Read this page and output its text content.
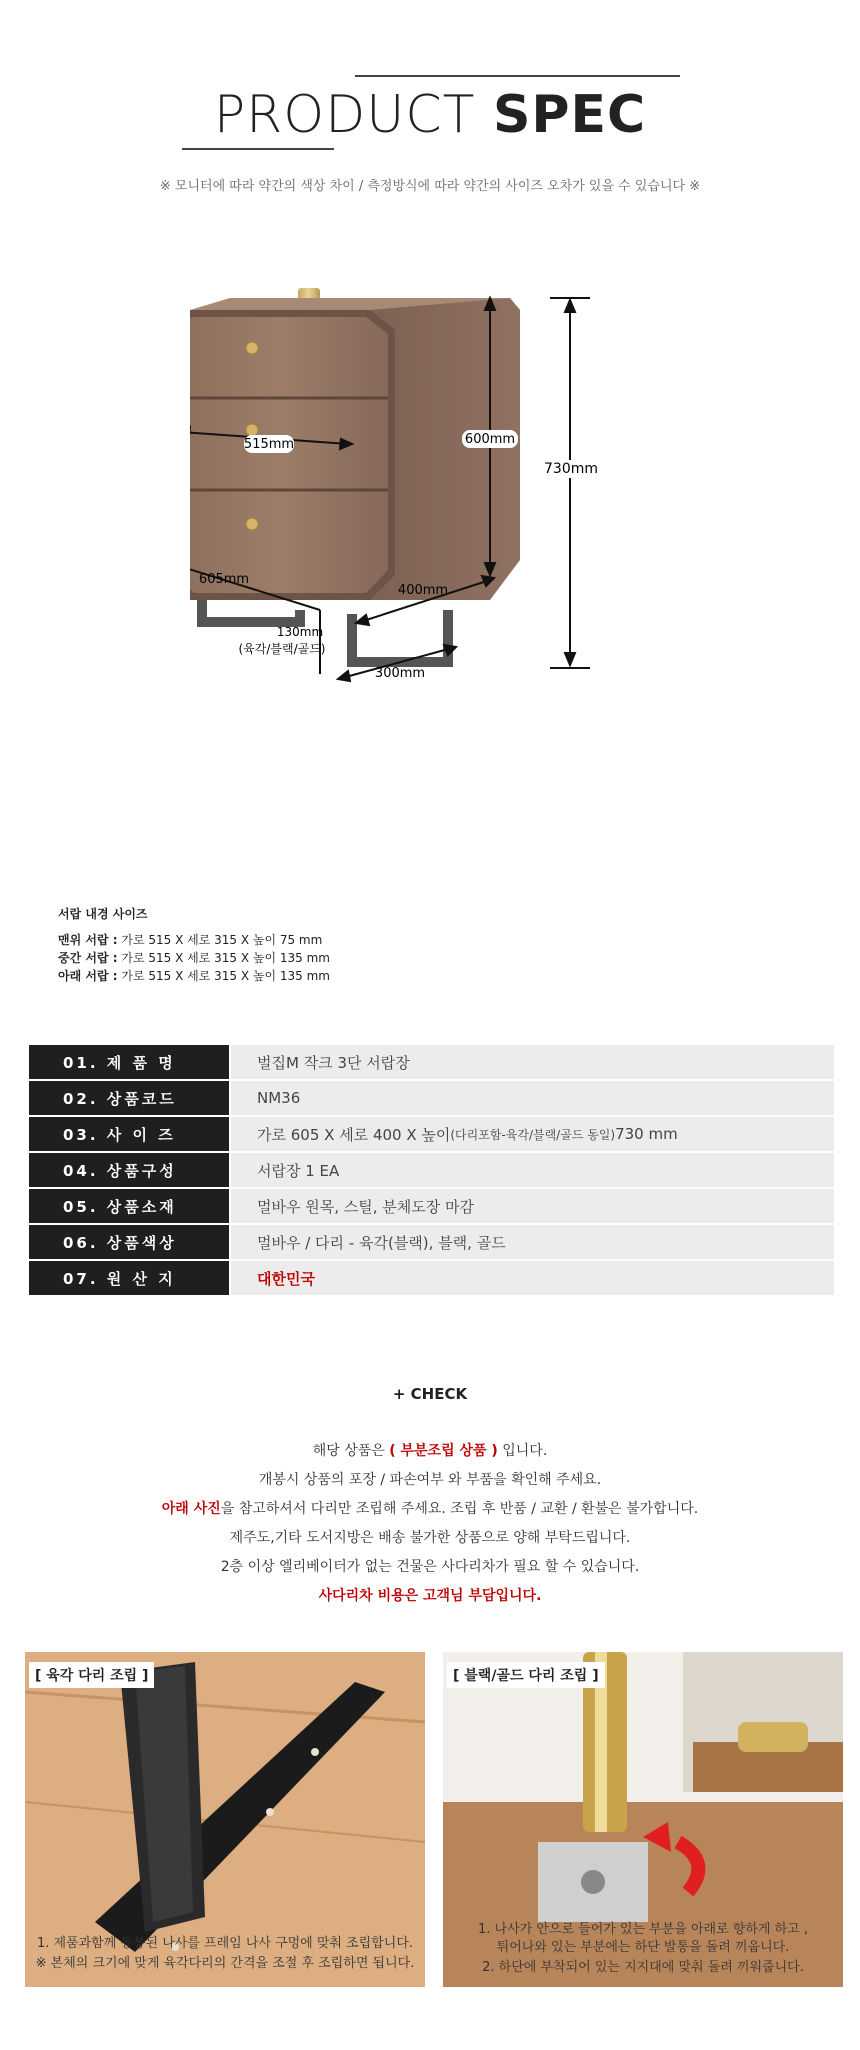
PRODUCT SPEC
※ 모니터에 따라 약간의 색상 차이 / 측정방식에 따라 약간의 사이즈 오차가 있을 수 있습니다 ※
515mm	600mm
730mm
605mm
400mm
130mm
(육각/블랙/골드)
300mm
서랍 내경 사이즈
맨위 서랍 : 가로 515 X 세로 315 X 높이 75 mm
중간 서랍 : 가로 515 X 세로 315 X 높이 135 mm
아래 서랍 : 가로 515 X 세로 315 X 높이 135 mm
01. 제 품 명	벌집M 작크 3단 서랍장
02. 상품코드	NM36
03. 사 이 즈	가로 605 X 세로 400 X 높이 (다리포함-육각/블랙/골드 동일) 730 mm
04. 상품구성	서랍장 1 EA
05. 상품소재	멀바우 원목, 스틸, 분체도장 마감
06. 상품색상	멀바우 / 다리 - 육각(블랙), 블랙, 골드
07. 원 산 지	대한민국
+ CHECK

해당 상품은 ( 부분조립 상품 ) 입니다.

개봉시 상품의 포장 / 파손여부 와 부품을 확인해 주세요.

아래 사진을 참고하셔서 다리만 조립해 주세요. 조립 후 반품 / 교환 / 환불은 불가합니다.

제주도,기타 도서지방은 배송 불가한 상품으로 양해 부탁드립니다.

2층 이상 엘리베이터가 없는 건물은 사다리차가 필요 할 수 있습니다.

사다리차 비용은 고객님 부담입니다.

[ 육각 다리 조립 ]
1. 제품과함께 동봉된 나사를 프레임 나사 구멍에 맞춰 조립합니다.
※ 본체의 크기에 맞게 육각다리의 간격을 조절 후 조립하면 됩니다.
[ 블랙/골드 다리 조립 ]
1. 나사가 안으로 들어가 있는 부분을 아래로 향하게 하고 ,
튀어나와 있는 부분에는 하단 발통을 돌려 끼웁니다.
2. 하단에 부착되어 있는 지지대에 맞춰 돌려 끼워줍니다.
